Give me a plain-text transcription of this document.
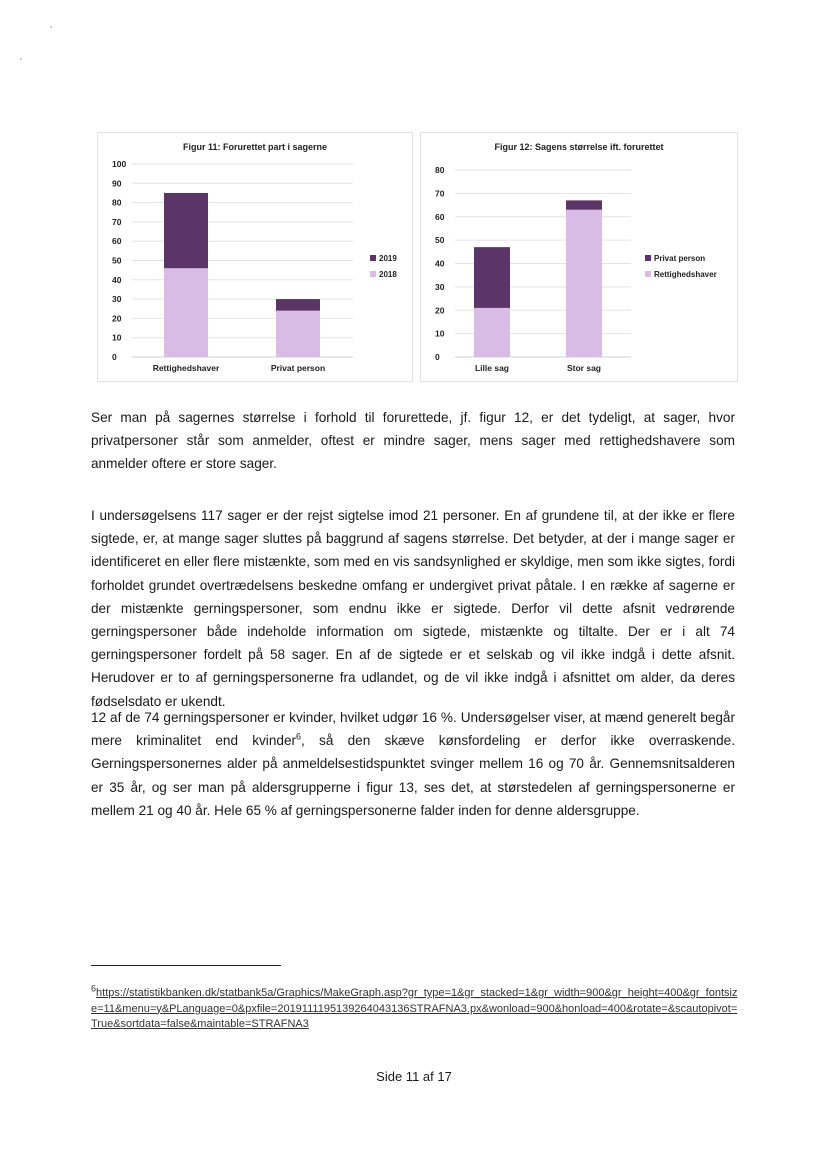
Figur 11: Forurettet part i sagerne
0
10
20
30
40
50
60
70
80
90
100
Rettighedshaver	Privat person
2019
2018
Figur 12: Sagens størrelse ift. forurettet
0
10
20
30
40
50
60
70
80
Lille sag	Stor sag
Privat person
Rettighedshaver

Ser man på sagernes størrelse i forhold til forurettede, jf. figur 12, er det tydeligt, at sager, hvor privatpersoner står som anmelder, oftest er mindre sager, mens sager med rettighedshavere som anmelder oftere er store sager.

I undersøgelsens 117 sager er der rejst sigtelse imod 21 personer. En af grundene til, at der ikke er flere sigtede, er, at mange sager sluttes på baggrund af sagens størrelse. Det betyder, at der i mange sager er identificeret en eller flere mistænkte, som med en vis sandsynlighed er skyldige, men som ikke sigtes, fordi forholdet grundet overtrædelsens beskedne omfang er undergivet privat påtale. I en række af sagerne er der mistænkte gerningspersoner, som endnu ikke er sigtede. Derfor vil dette afsnit vedrørende gerningspersoner både indeholde information om sigtede, mistænkte og tiltalte. Der er i alt 74 gerningspersoner fordelt på 58 sager. En af de sigtede er et selskab og vil ikke indgå i dette afsnit. Herudover er to af gerningspersonerne fra udlandet, og de vil ikke indgå i afsnittet om alder, da deres fødselsdato er ukendt.

12 af de 74 gerningspersoner er kvinder, hvilket udgør 16 %. Undersøgelser viser, at mænd generelt begår mere kriminalitet end kvinder$^6$, så den skæve kønsfordeling er derfor ikke overraskende. Gerningspersonernes alder på anmeldelsestidspunktet svinger mellem 16 og 70 år. Gennemsnitsalderen er 35 år, og ser man på aldersgrupperne i figur 13, ses det, at størstedelen af gerningspersonerne er mellem 21 og 40 år. Hele 65 % af gerningspersonerne falder inden for denne aldersgruppe.

$^6$https://statistikbanken.dk/statbank5a/Graphics/MakeGraph.asp?gr_type=1&gr_stacked=1&gr_width=900&gr_height=400&gr_fontsize=11&menu=y&PLanguage=0&pxfile=20191111951392640431​36STRAFNA3.px&wonload=900&honload=400&rotate=&scautopivot=True&sortdata=false&maintable=STRAFNA3

Side 11 af 17
